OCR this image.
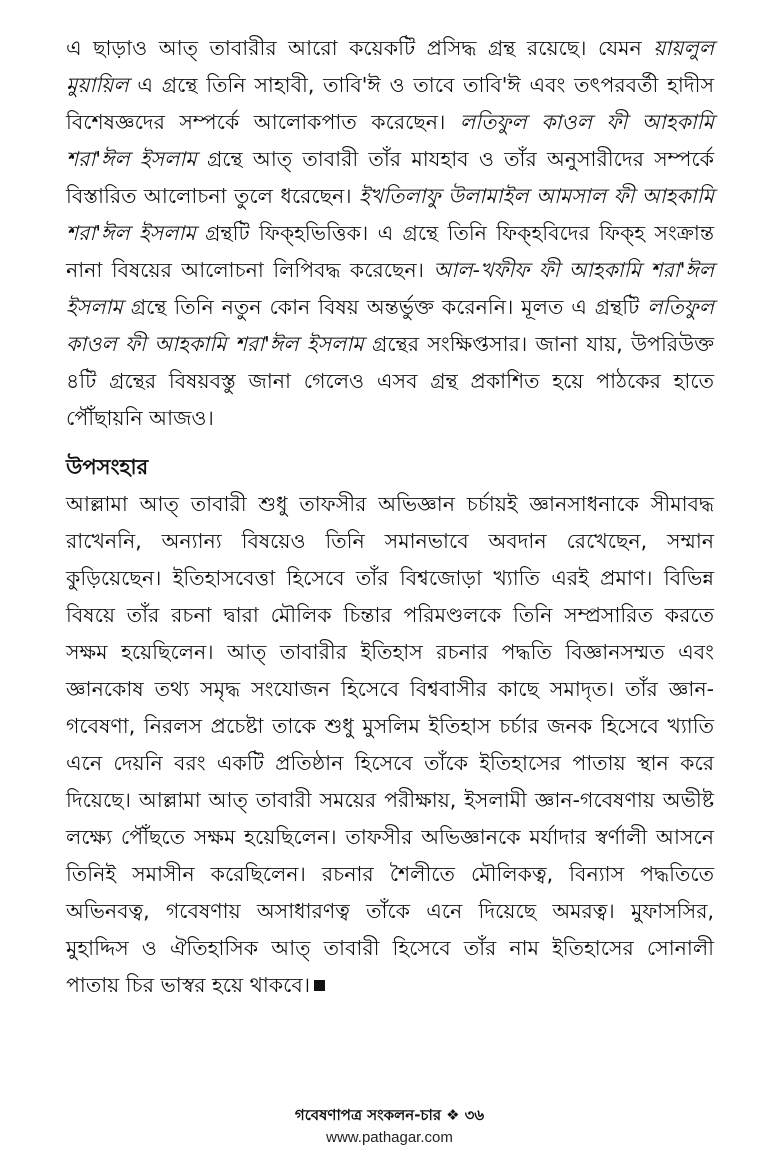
এ ছাড়াও আত্ তাবারীর আরো কয়েকটি প্রসিদ্ধ গ্রন্থ রয়েছে। যেমন য়ায়লুল মুয়ায়িল এ গ্রন্থে তিনি সাহাবী, তাবি'ঈ ও তাবে তাবি'ঈ এবং তৎপরবর্তী হাদীস বিশেষজ্ঞদের সম্পর্কে আলোকপাত করেছেন। লতিফুল কাওল ফী আহকামি শরা'ঈল ইসলাম গ্রন্থে আত্ তাবারী তাঁর মাযহাব ও তাঁর অনুসারীদের সম্পর্কে বিস্তারিত আলোচনা তুলে ধরেছেন। ইখতিলাফু উলামাইল আমসাল ফী আহকামি শরা'ঈল ইসলাম গ্রন্থটি ফিক্হভিত্তিক। এ গ্রন্থে তিনি ফিক্হবিদের ফিক্হ সংক্রান্ত নানা বিষয়ের আলোচনা লিপিবদ্ধ করেছেন। আল-খফীফ ফী আহকামি শরা'ঈল ইসলাম গ্রন্থে তিনি নতুন কোন বিষয় অন্তর্ভুক্ত করেননি। মূলত এ গ্রন্থটি লতিফুল কাওল ফী আহকামি শরা'ঈল ইসলাম গ্রন্থের সংক্ষিপ্তসার। জানা যায়, উপরিউক্ত ৪টি গ্রন্থের বিষয়বস্তু জানা গেলেও এসব গ্রন্থ প্রকাশিত হয়ে পাঠকের হাতে পৌঁছায়নি আজও।

উপসংহার

আল্লামা আত্ তাবারী শুধু তাফসীর অভিজ্ঞান চর্চায়ই জ্ঞানসাধনাকে সীমাবদ্ধ রাখেননি, অন্যান্য বিষয়েও তিনি সমানভাবে অবদান রেখেছেন, সম্মান কুড়িয়েছেন। ইতিহাসবেত্তা হিসেবে তাঁর বিশ্বজোড়া খ্যাতি এরই প্রমাণ। বিভিন্ন বিষয়ে তাঁর রচনা দ্বারা মৌলিক চিন্তার পরিমণ্ডলকে তিনি সম্প্রসারিত করতে সক্ষম হয়েছিলেন। আত্ তাবারীর ইতিহাস রচনার পদ্ধতি বিজ্ঞানসম্মত এবং জ্ঞানকোষ তথ্য সমৃদ্ধ সংযোজন হিসেবে বিশ্ববাসীর কাছে সমাদৃত। তাঁর জ্ঞান-গবেষণা, নিরলস প্রচেষ্টা তাকে শুধু মুসলিম ইতিহাস চর্চার জনক হিসেবে খ্যাতি এনে দেয়নি বরং একটি প্রতিষ্ঠান হিসেবে তাঁকে ইতিহাসের পাতায় স্থান করে দিয়েছে। আল্লামা আত্ তাবারী সময়ের পরীক্ষায়, ইসলামী জ্ঞান-গবেষণায় অভীষ্ট লক্ষ্যে পৌঁছতে সক্ষম হয়েছিলেন। তাফসীর অভিজ্ঞানকে মর্যাদার স্বর্ণালী আসনে তিনিই সমাসীন করেছিলেন। রচনার শৈলীতে মৌলিকত্ব, বিন্যাস পদ্ধতিতে অভিনবত্ব, গবেষণায় অসাধারণত্ব তাঁকে এনে দিয়েছে অমরত্ব। মুফাসসির, মুহাদ্দিস ও ঐতিহাসিক আত্ তাবারী হিসেবে তাঁর নাম ইতিহাসের সোনালী পাতায় চির ভাস্বর হয়ে থাকবে।

গবেষণাপত্র সংকলন-চার ❖ ৩৬
www.pathagar.com
